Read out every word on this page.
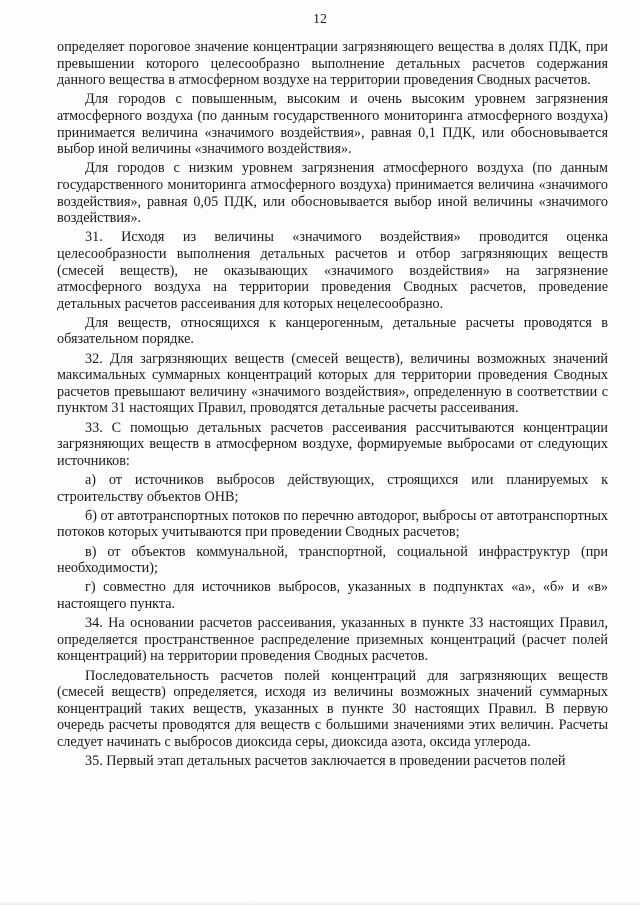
12

определяет пороговое значение концентрации загрязняющего вещества в долях ПДК, при превышении которого целесообразно выполнение детальных расчетов содержания данного вещества в атмосферном воздухе на территории проведения Сводных расчетов.

Для городов с повышенным, высоким и очень высоким уровнем загрязнения атмосферного воздуха (по данным государственного мониторинга атмосферного воздуха) принимается величина «значимого воздействия», равная 0,1 ПДК, или обосновывается выбор иной величины «значимого воздействия».

Для городов с низким уровнем загрязнения атмосферного воздуха (по данным государственного мониторинга атмосферного воздуха) принимается величина «значимого воздействия», равная 0,05 ПДК, или обосновывается выбор иной величины «значимого воздействия».

31. Исходя из величины «значимого воздействия» проводится оценка целесообразности выполнения детальных расчетов и отбор загрязняющих веществ (смесей веществ), не оказывающих «значимого воздействия» на загрязнение атмосферного воздуха на территории проведения Сводных расчетов, проведение детальных расчетов рассеивания для которых нецелесообразно.

Для веществ, относящихся к канцерогенным, детальные расчеты проводятся в обязательном порядке.

32. Для загрязняющих веществ (смесей веществ), величины возможных значений максимальных суммарных концентраций которых для территории проведения Сводных расчетов превышают величину «значимого воздействия», определенную в соответствии с пунктом 31 настоящих Правил, проводятся детальные расчеты рассеивания.

33. С помощью детальных расчетов рассеивания рассчитываются концентрации загрязняющих веществ в атмосферном воздухе, формируемые выбросами от следующих источников:

а) от источников выбросов действующих, строящихся или планируемых к строительству объектов ОНВ;

б) от автотранспортных потоков по перечню автодорог, выбросы от автотранспортных потоков которых учитываются при проведении Сводных расчетов;

в) от объектов коммунальной, транспортной, социальной инфраструктур (при необходимости);

г) совместно для источников выбросов, указанных в подпунктах «а», «б» и «в» настоящего пункта.

34. На основании расчетов рассеивания, указанных в пункте 33 настоящих Правил, определяется пространственное распределение приземных концентраций (расчет полей концентраций) на территории проведения Сводных расчетов.

Последовательность расчетов полей концентраций для загрязняющих веществ (смесей веществ) определяется, исходя из величины возможных значений суммарных концентраций таких веществ, указанных в пункте 30 настоящих Правил. В первую очередь расчеты проводятся для веществ с большими значениями этих величин. Расчеты следует начинать с выбросов диоксида серы, диоксида азота, оксида углерода.

35. Первый этап детальных расчетов заключается в проведении расчетов полей
